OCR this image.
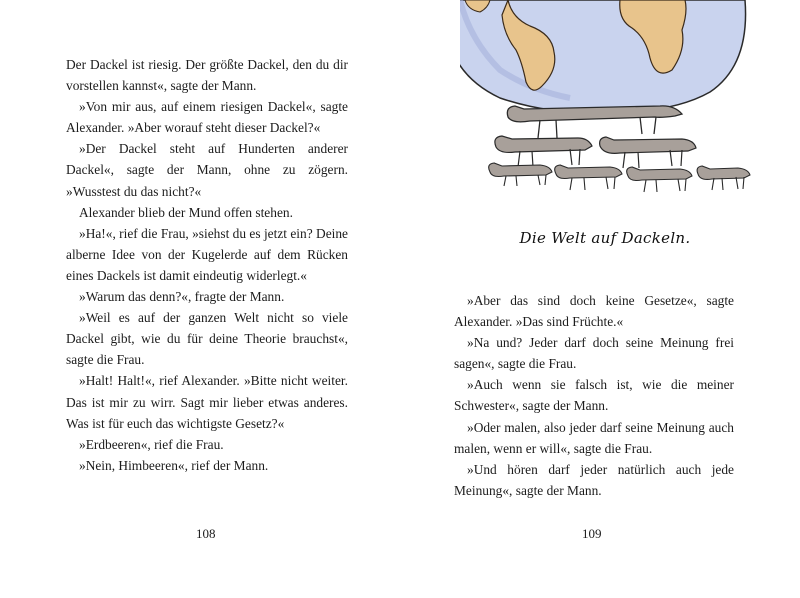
Der Dackel ist riesig. Der größte Dackel, den du dir vorstellen kannst«, sagte der Mann.

»Von mir aus, auf einem riesigen Dackel«, sagte Alexander. »Aber worauf steht dieser Dackel?«

»Der Dackel steht auf Hunderten anderer Dackel«, sagte der Mann, ohne zu zögern. »Wusstest du das nicht?«

Alexander blieb der Mund offen stehen.

»Ha!«, rief die Frau, »siehst du es jetzt ein? Deine alberne Idee von der Kugelerde auf dem Rücken eines Dackels ist damit eindeutig widerlegt.«

»Warum das denn?«, fragte der Mann.

»Weil es auf der ganzen Welt nicht so viele Dackel gibt, wie du für deine Theorie brauchst«, sagte die Frau.

»Halt! Halt!«, rief Alexander. »Bitte nicht weiter. Das ist mir zu wirr. Sagt mir lieber etwas anderes. Was ist für euch das wichtigste Gesetz?«

»Erdbeeren«, rief die Frau.

»Nein, Himbeeren«, rief der Mann.

108
Die Welt auf Dackeln.

»Aber das sind doch keine Gesetze«, sagte Alexander. »Das sind Früchte.«

»Na und? Jeder darf doch seine Meinung frei sagen«, sagte die Frau.

»Auch wenn sie falsch ist, wie die meiner Schwester«, sagte der Mann.

»Oder malen, also jeder darf seine Meinung auch malen, wenn er will«, sagte die Frau.

»Und hören darf jeder natürlich auch jede Meinung«, sagte der Mann.

109
